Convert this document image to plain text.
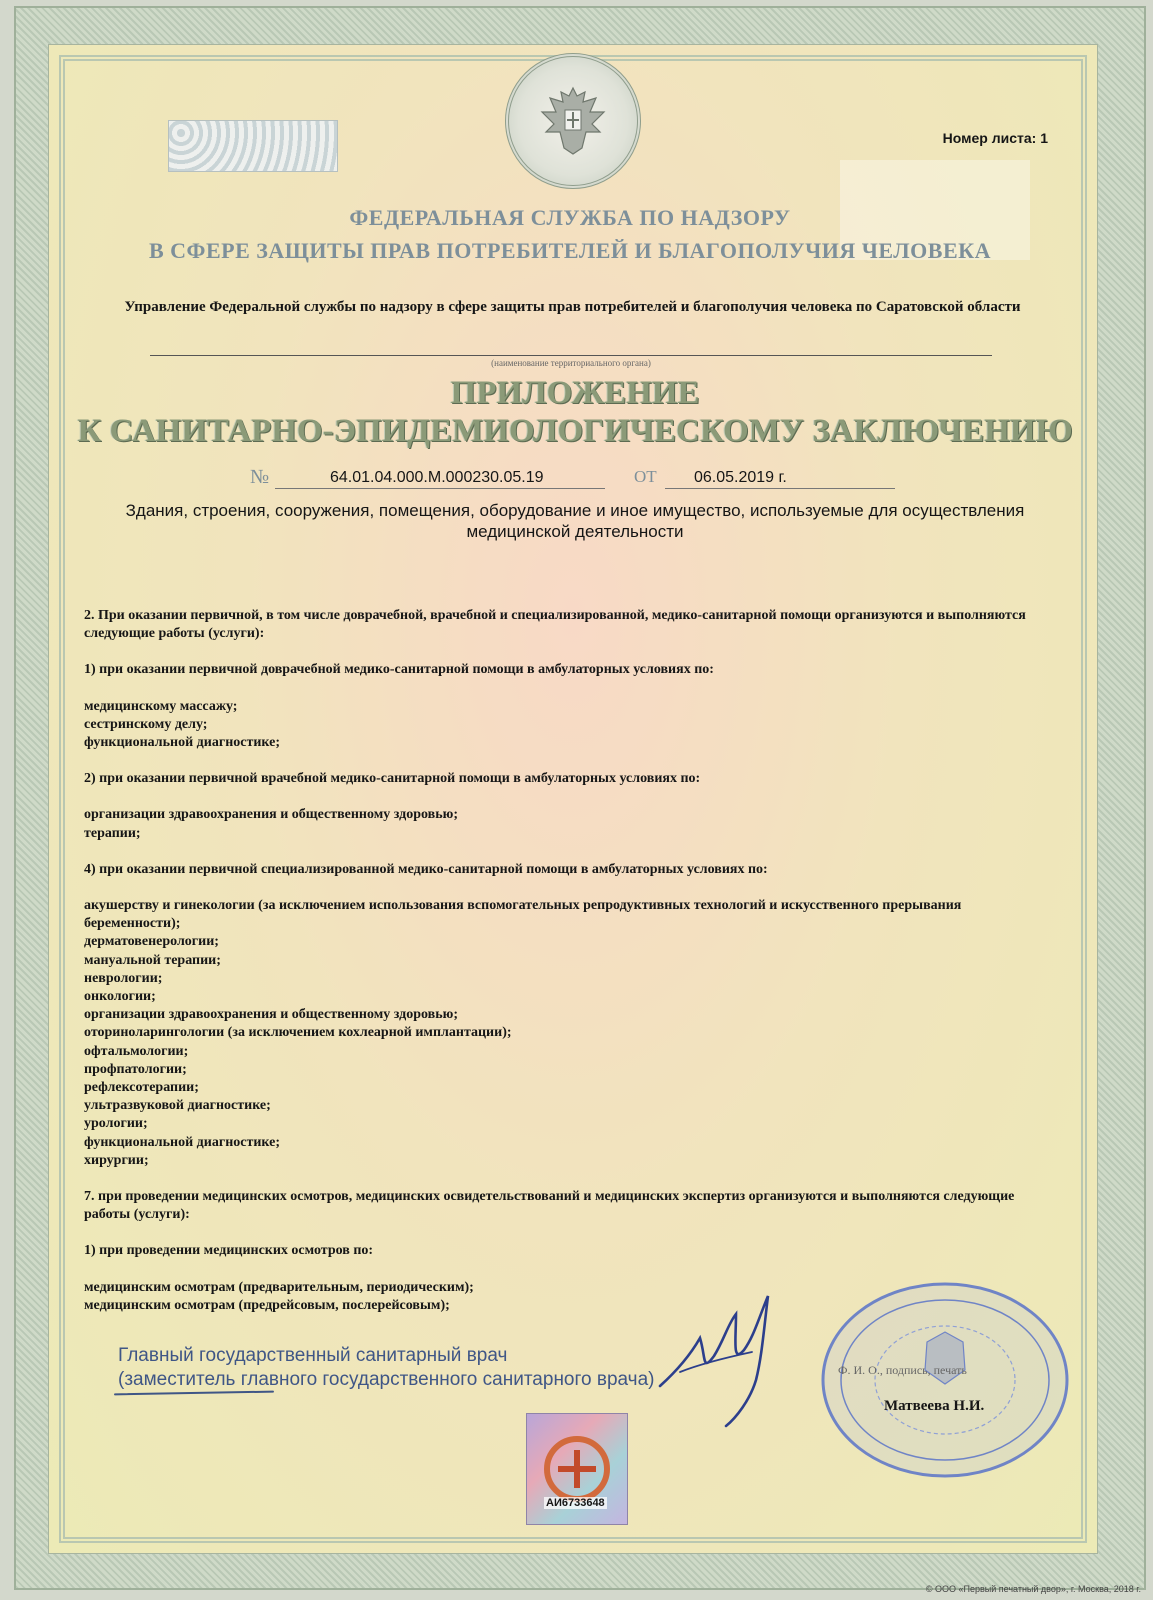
Номер листа: 1
ФЕДЕРАЛЬНАЯ СЛУЖБА ПО НАДЗОРУ
В СФЕРЕ ЗАЩИТЫ ПРАВ ПОТРЕБИТЕЛЕЙ И БЛАГОПОЛУЧИЯ ЧЕЛОВЕКА
Управление Федеральной службы по надзору в сфере защиты прав потребителей и благополучия человека по Саратовской области
(наименование территориального органа)
ПРИЛОЖЕНИЕ
К САНИТАРНО-ЭПИДЕМИОЛОГИЧЕСКОМУ ЗАКЛЮЧЕНИЮ
№	64.01.04.000.М.000230.05.19	ОТ 06.05.2019 г.
Здания, строения, сооружения, помещения, оборудование и иное имущество, используемые для осуществления медицинской деятельности

2. При оказании первичной, в том числе доврачебной, врачебной и специализированной, медико-санитарной помощи организуются и выполняются следующие работы (услуги):

1) при оказании первичной доврачебной медико-санитарной помощи в амбулаторных условиях по:

медицинскому массажу;

сестринскому делу;

функциональной диагностике;

2) при оказании первичной врачебной медико-санитарной помощи в амбулаторных условиях по:

организации здравоохранения и общественному здоровью;

терапии;

4) при оказании первичной специализированной медико-санитарной помощи в амбулаторных условиях по:

акушерству и гинекологии (за исключением использования вспомогательных репродуктивных технологий и искусственного прерывания беременности);

дерматовенерологии;

мануальной терапии;

неврологии;

онкологии;

организации здравоохранения и общественному здоровью;

оториноларингологии (за исключением кохлеарной имплантации);

офтальмологии;

профпатологии;

рефлексотерапии;

ультразвуковой диагностике;

урологии;

функциональной диагностике;

хирургии;

7. при проведении медицинских осмотров, медицинских освидетельствований и медицинских экспертиз организуются и выполняются следующие работы (услуги):

1) при проведении медицинских осмотров по:

медицинским осмотрам (предварительным, периодическим);

медицинским осмотрам (предрейсовым, послерейсовым);

Главный государственный санитарный врач
(заместитель главного государственного санитарного врача)	Ф. И. О., подпись, печать
Матвеева Н.И.
АИ6733648
© ООО «Первый печатный двор», г. Москва, 2018 г.
